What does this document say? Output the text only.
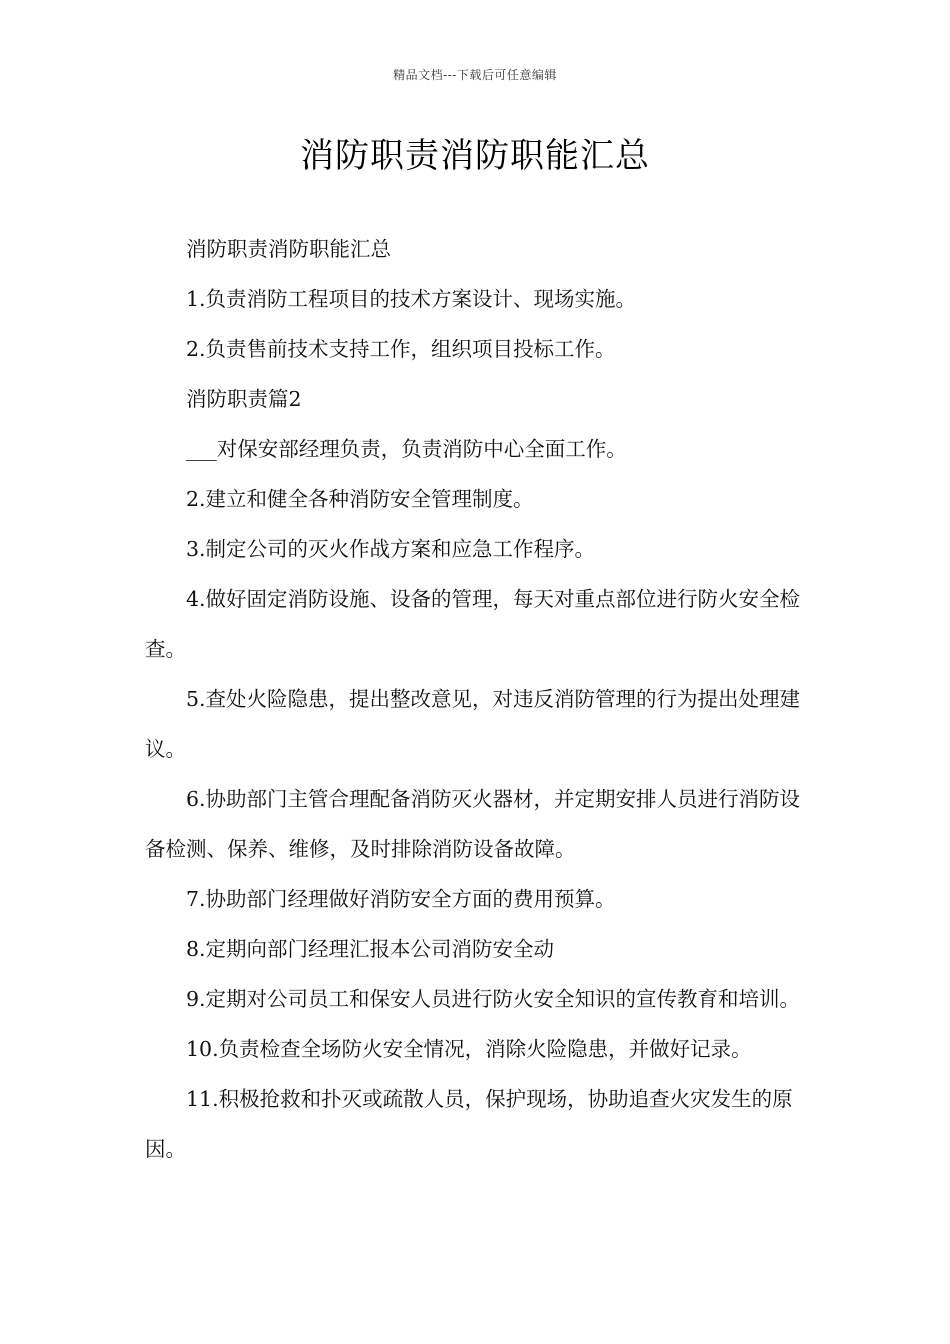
精品文档---下载后可任意编辑
消防职责消防职能汇总

消防职责消防职能汇总

1.负责消防工程项目的技术方案设计、现场实施。

2.负责售前技术支持工作，组织项目投标工作。

消防职责篇2

___对保安部经理负责，负责消防中心全面工作。

2.建立和健全各种消防安全管理制度。

3.制定公司的灭火作战方案和应急工作程序。

4.做好固定消防设施、设备的管理，每天对重点部位进行防火安全检查。

5.查处火险隐患，提出整改意见，对违反消防管理的行为提出处理建议。

6.协助部门主管合理配备消防灭火器材，并定期安排人员进行消防设备检测、保养、维修，及时排除消防设备故障。

7.协助部门经理做好消防安全方面的费用预算。

8.定期向部门经理汇报本公司消防安全动

9.定期对公司员工和保安人员进行防火安全知识的宣传教育和培训。

10.负责检查全场防火安全情况，消除火险隐患，并做好记录。

11.积极抢救和扑灭或疏散人员，保护现场，协助追查火灾发生的原因。
